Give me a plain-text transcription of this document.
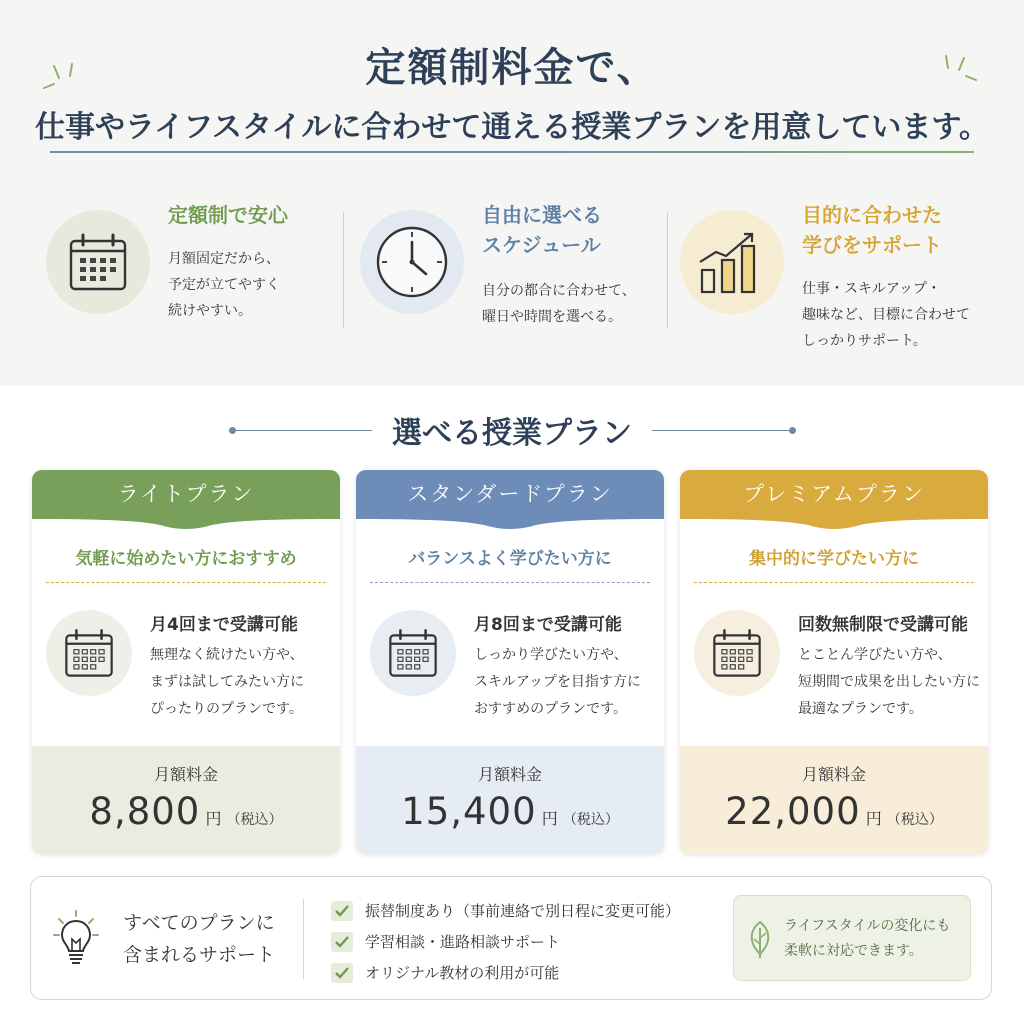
定額制料金で、
仕事やライフスタイルに合わせて通える授業プランを用意しています。
定額制で安心
月額固定だから、
予定が立てやすく
続けやすい。
自由に選べる
スケジュール
自分の都合に合わせて、
曜日や時間を選べる。
目的に合わせた
学びをサポート
仕事・スキルアップ・
趣味など、目標に合わせて
しっかりサポート。
選べる授業プラン
ライトプラン
気軽に始めたい方におすすめ
月4回まで受講可能
無理なく続けたい方や、
まずは試してみたい方に
ぴったりのプランです。
月額料金
8,800 円 （税込）
スタンダードプラン
バランスよく学びたい方に
月8回まで受講可能
しっかり学びたい方や、
スキルアップを目指す方に
おすすめのプランです。
月額料金
15,400 円 （税込）
プレミアムプラン
集中的に学びたい方に
回数無制限で受講可能
とことん学びたい方や、
短期間で成果を出したい方に
最適なプランです。
月額料金
22,000 円 （税込）
すべてのプランに
含まれるサポート
振替制度あり（事前連絡で別日程に変更可能）
学習相談・進路相談サポート
オリジナル教材の利用が可能
ライフスタイルの変化にも
柔軟に対応できます。
